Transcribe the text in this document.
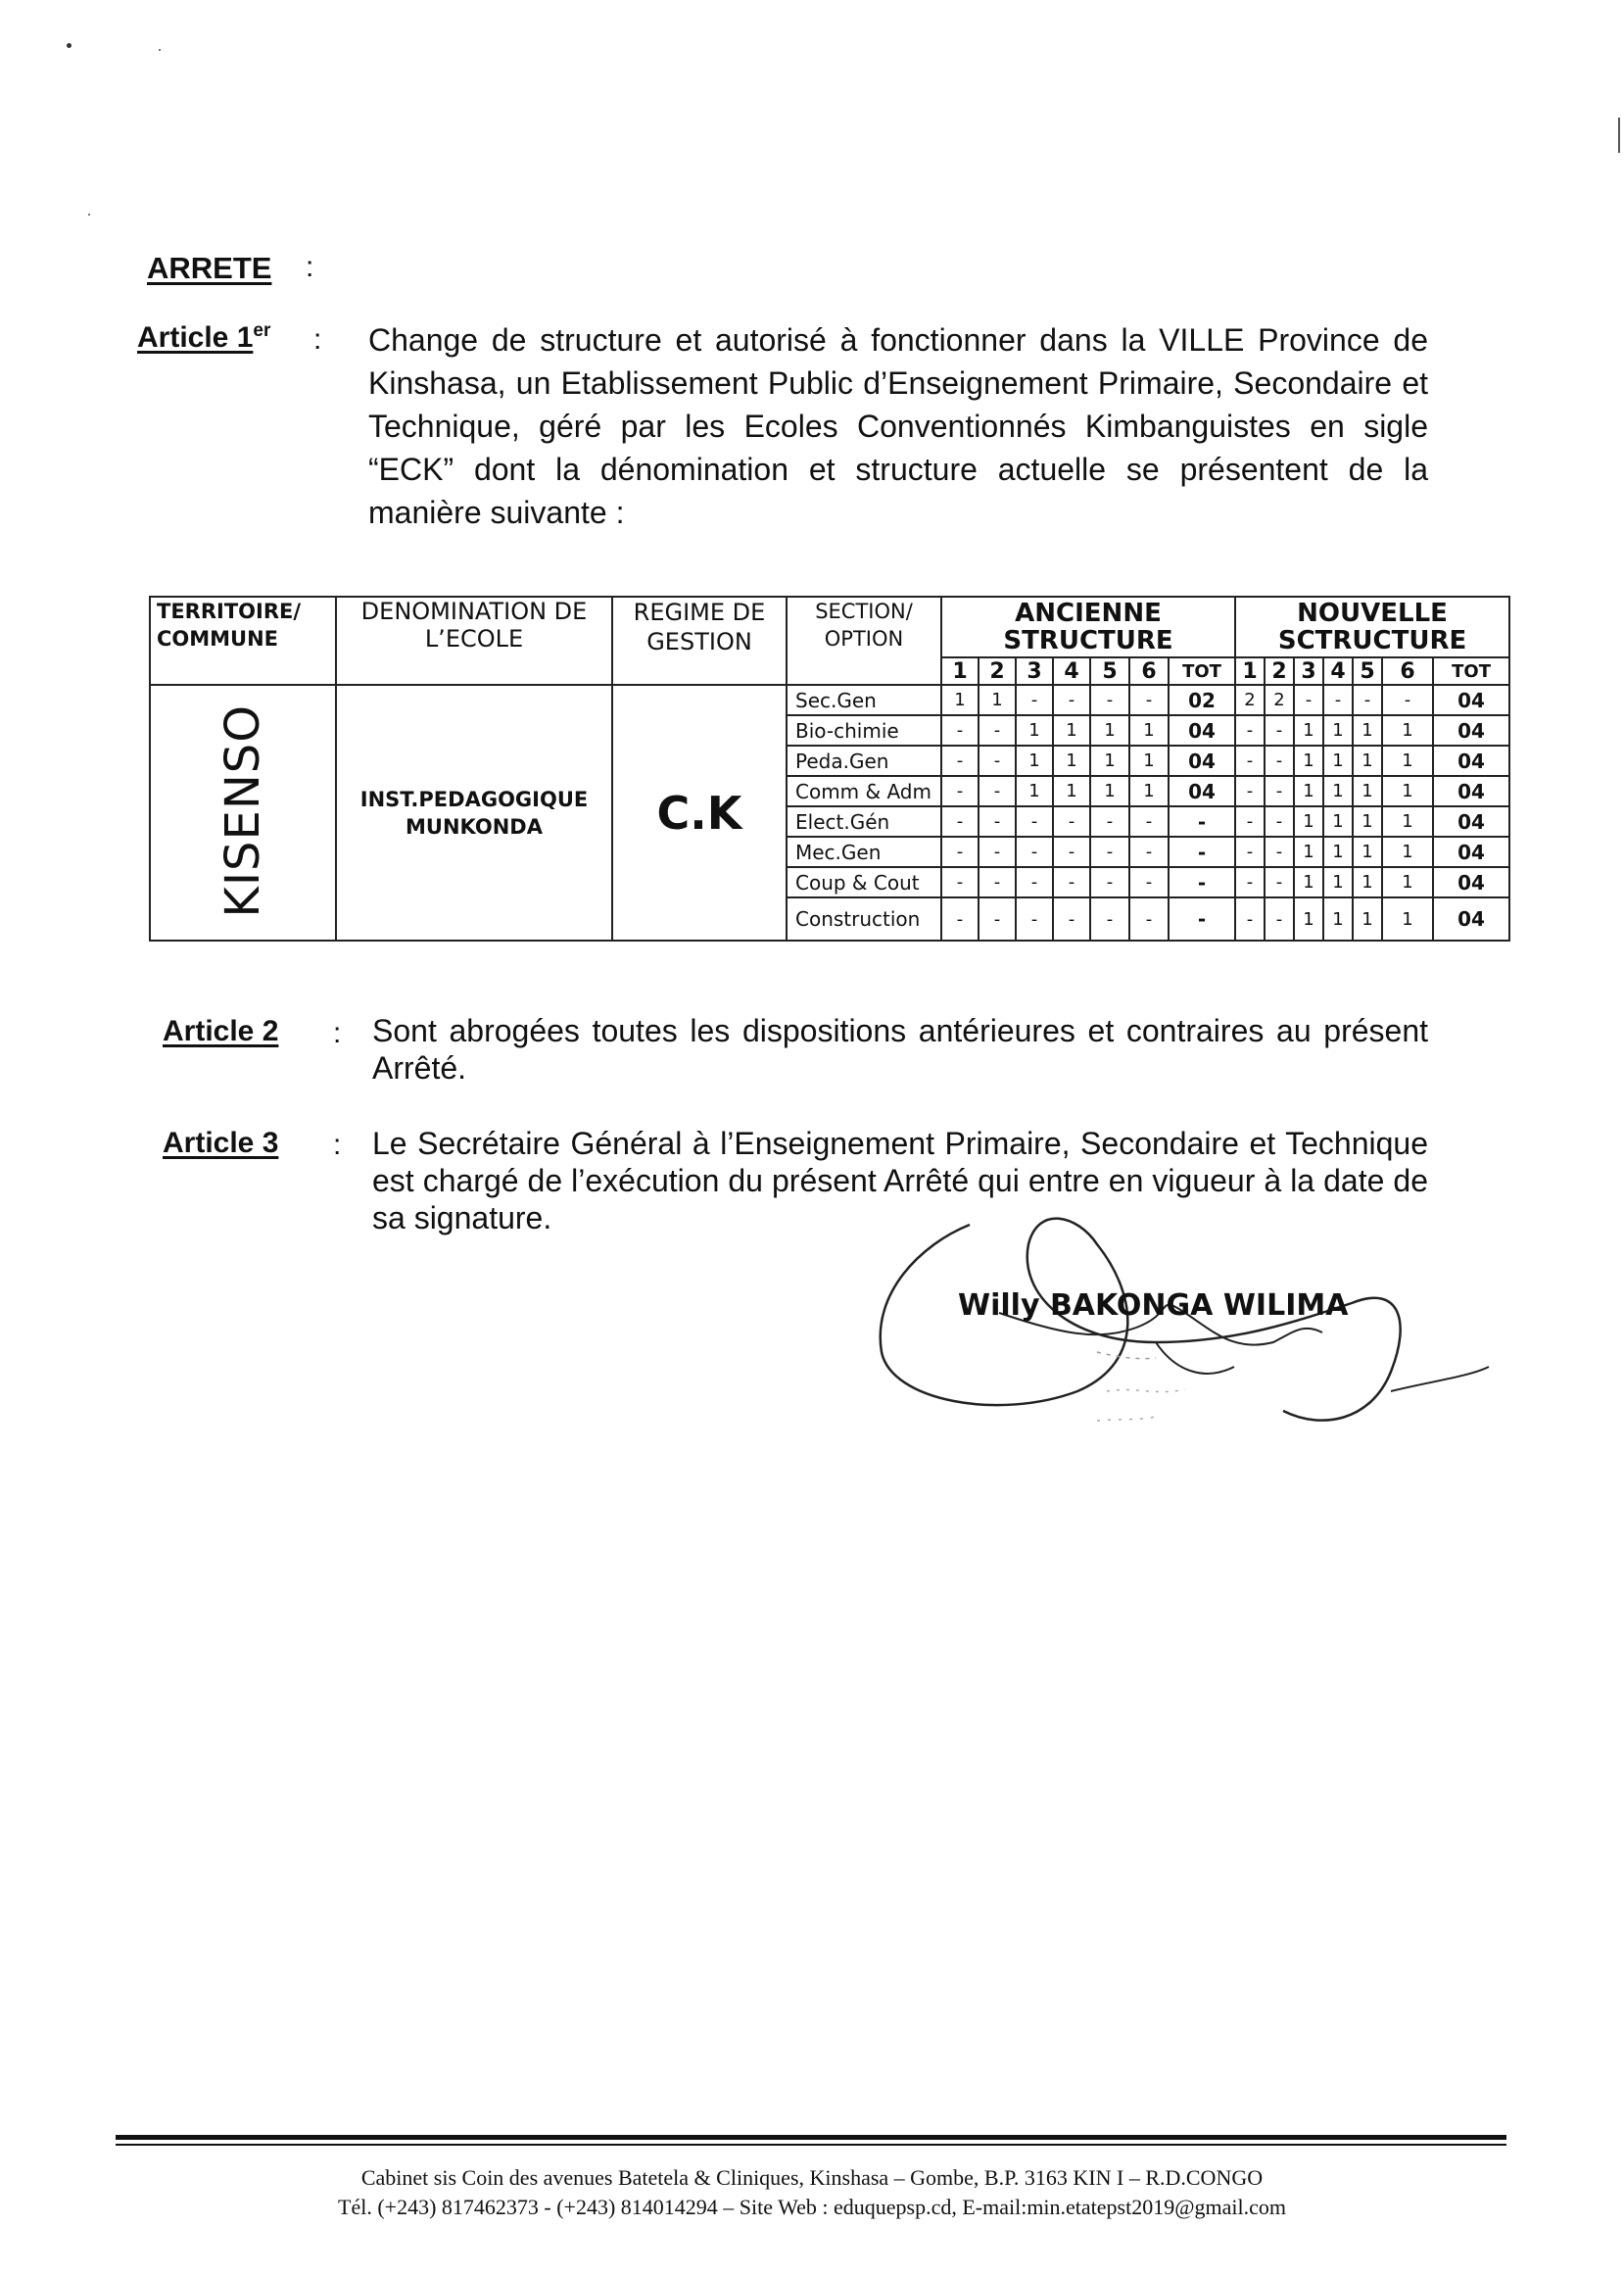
ARRETE :
Article 1er : Change de structure et autorisé à fonctionner dans la VILLE Province de Kinshasa, un Etablissement Public d’Enseignement Primaire, Secondaire et Technique, géré par les Ecoles Conventionnés Kimbanguistes en sigle “ECK” dont la dénomination et structure actuelle se présentent de la manière suivante :
TERRITOIRE/ COMMUNE	DENOMINATION DE L’ECOLE	REGIME DE GESTION	SECTION/ OPTION	ANCIENNE STRUCTURE							NOUVELLE SCTRUCTURE						
				1	2	3	4	5	6	TOT	1	2	3	4	5	6	TOT
KISENSO	INST.PEDAGOGIQUE MUNKONDA	C.K	Sec.Gen	1	1	-	-	-	-	02	2	2	-	-	-	-	04
			Bio-chimie	-	-	1	1	1	1	04	-	-	1	1	1	1	04
			Peda.Gen	-	-	1	1	1	1	04	-	-	1	1	1	1	04
			Comm & Adm	-	-	1	1	1	1	04	-	-	1	1	1	1	04
			Elect.Gén	-	-	-	-	-	-	-	-	-	1	1	1	1	04
			Mec.Gen	-	-	-	-	-	-	-	-	-	1	1	1	1	04
			Coup & Cout	-	-	-	-	-	-	-	-	-	1	1	1	1	04
			Construction	-	-	-	-	-	-	-	-	-	1	1	1	1	04
Article 2 : Sont abrogées toutes les dispositions antérieures et contraires au présent Arrêté.
Article 3 : Le Secrétaire Général à l’Enseignement Primaire, Secondaire et Technique est chargé de l’exécution du présent Arrêté qui entre en vigueur à la date de sa signature.
Willy BAKONGA WILIMA
Cabinet sis Coin des avenues Batetela & Cliniques, Kinshasa – Gombe, B.P. 3163 KIN I – R.D.CONGO
Tél. (+243) 817462373 - (+243) 814014294 – Site Web : eduquepsp.cd, E-mail:min.etatepst2019@gmail.com
